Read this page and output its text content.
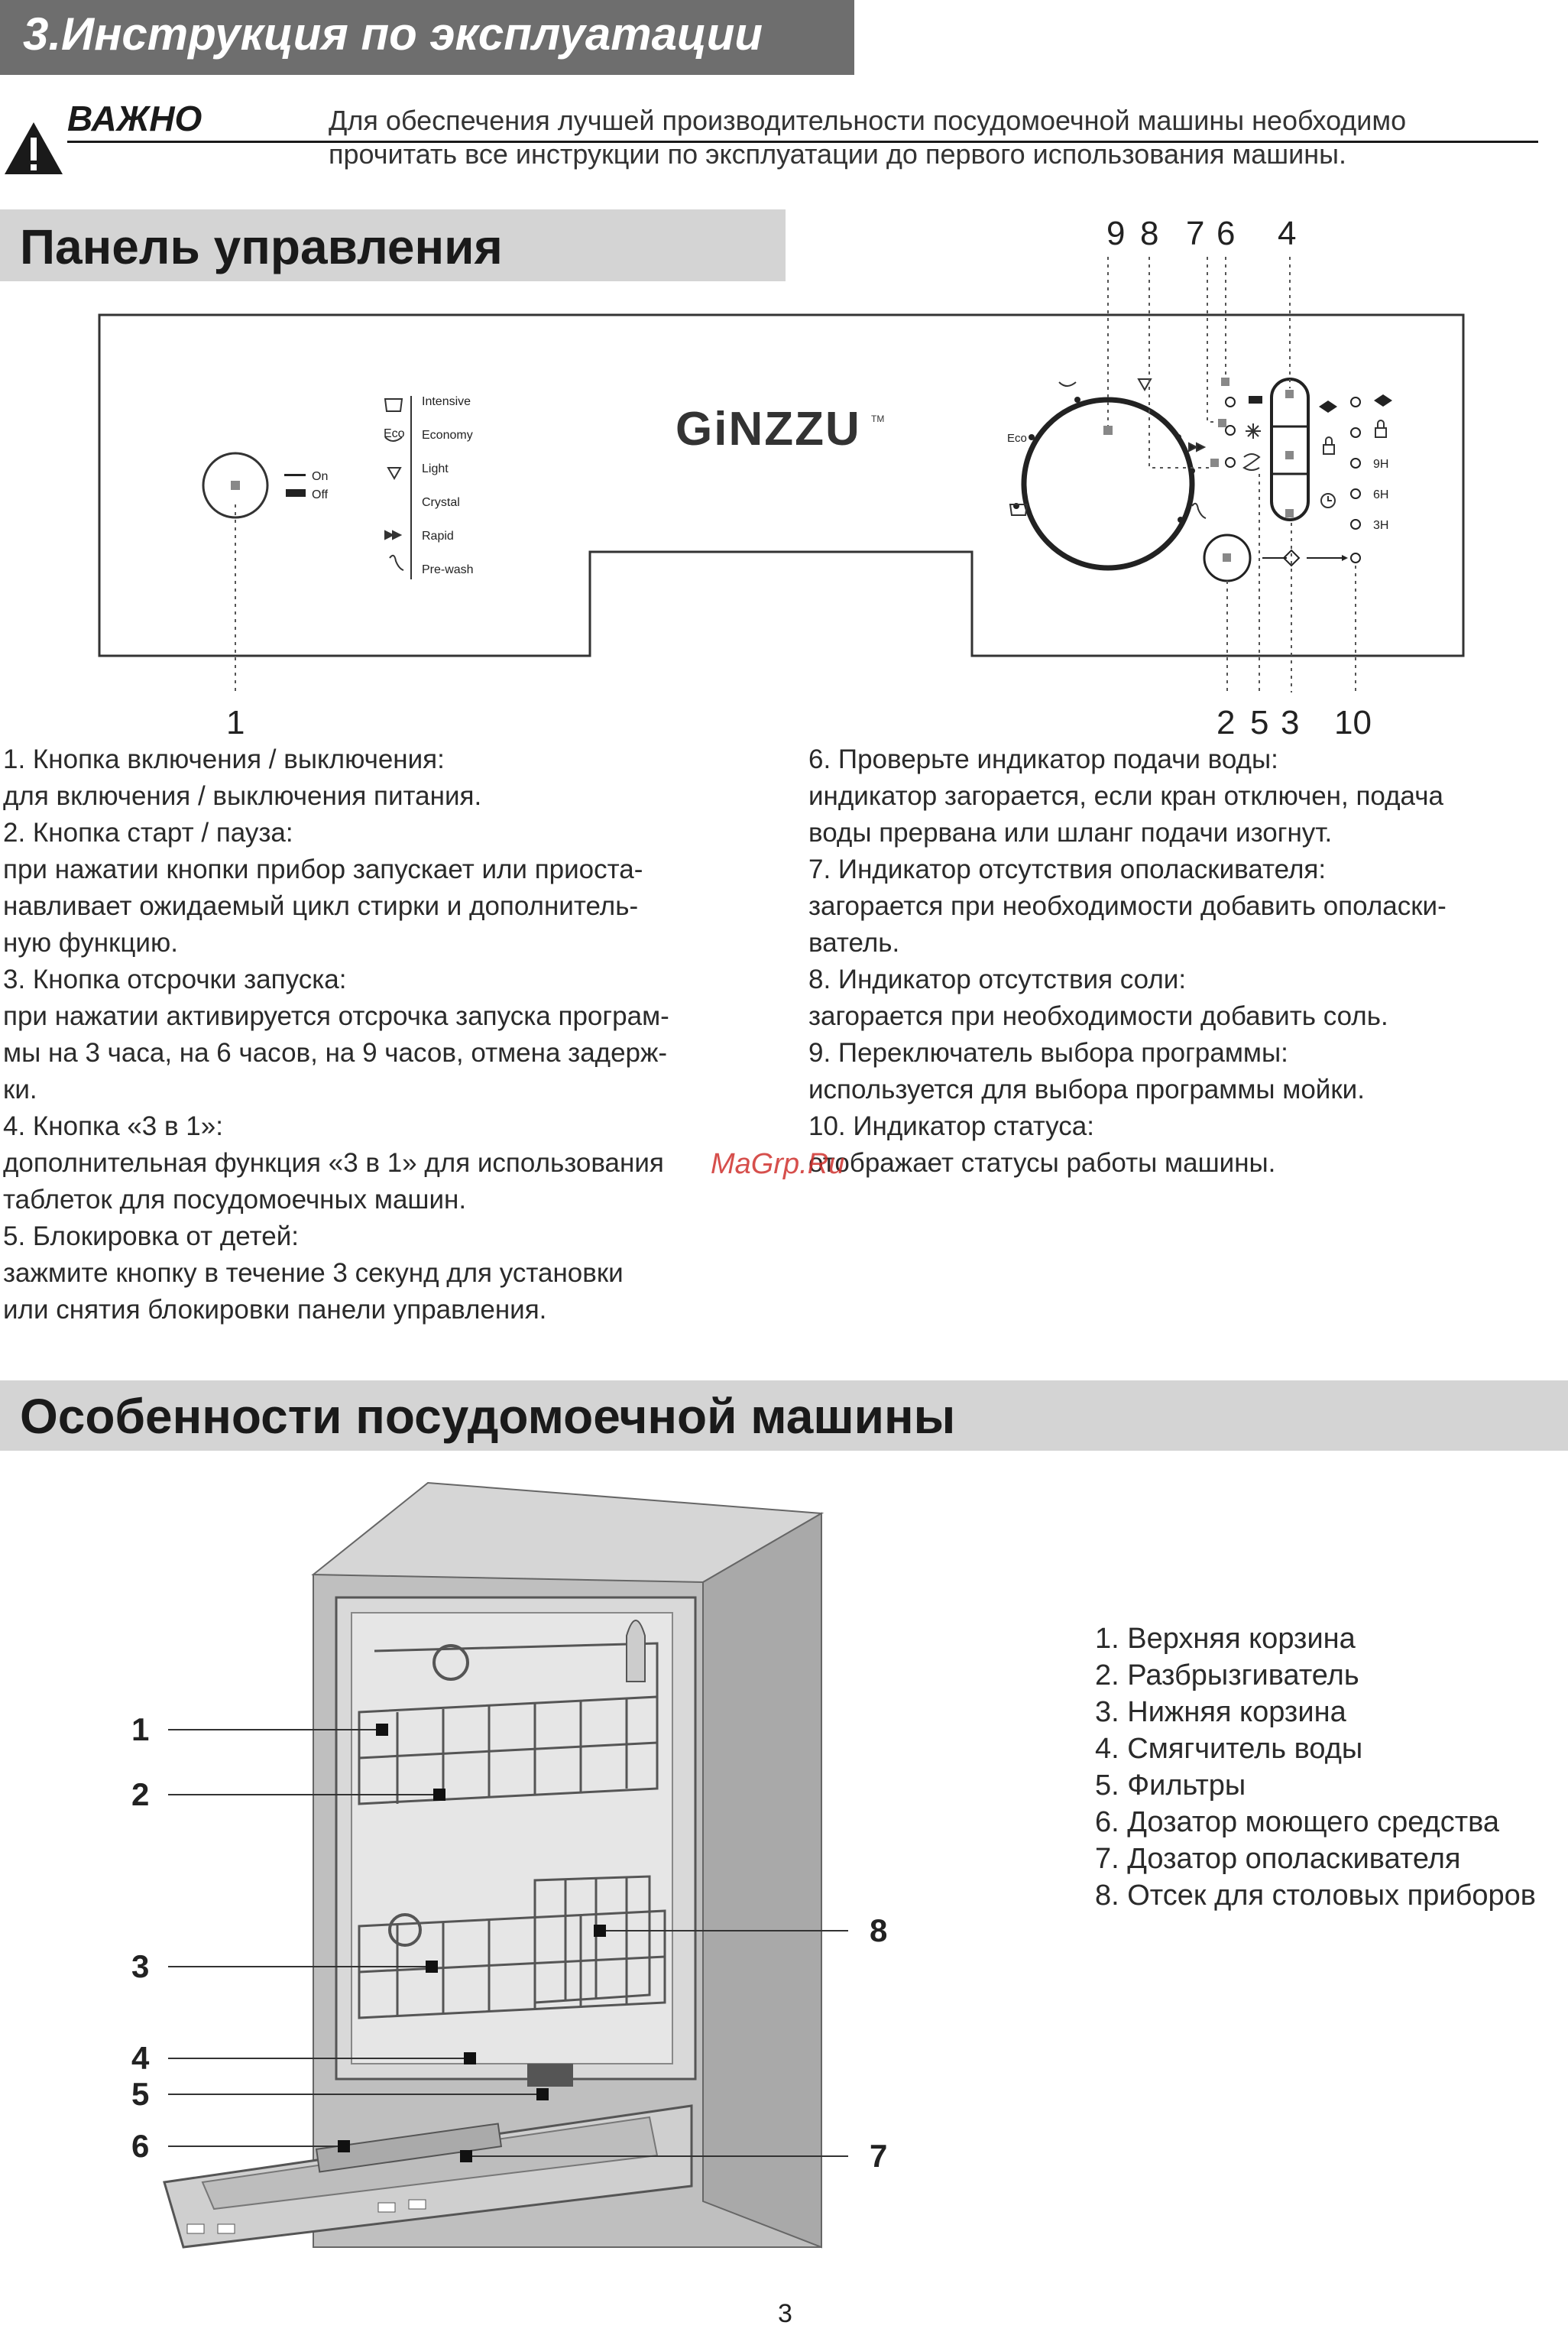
3.Инструкция по эксплуатации
ВАЖНО	Для обеспечения лучшей производительности посудомоечной машины необходимо
прочитать все инструкции по эксплуатации до первого использования машины.
Панель управления	9 8 7 6 4
On
Off
Eco
Intensive
Economy
Light
Crystal
Rapid
Pre-wash
GiNZZU TM
Eco
9H
6H
3H
1	2 5 3 10
1. Кнопка включения / выключения:
для включения / выключения питания.
2. Кнопка старт / пауза:
при нажатии кнопки прибор запускает или приоста-
навливает ожидаемый цикл стирки и дополнитель-
ную функцию.
3. Кнопка отсрочки запуска:
при нажатии активируется отсрочка запуска програм-
мы на 3 часа, на 6 часов, на 9 часов, отмена задерж-
ки.
4. Кнопка «3 в 1»:
дополнительная функция «3 в 1» для использования
таблеток для посудомоечных машин.
5. Блокировка от детей:
зажмите кнопку в течение 3 секунд для установки
или снятия блокировки панели управления.
6. Проверьте индикатор подачи воды:
индикатор загорается, если кран отключен, подача
воды прервана или шланг подачи изогнут.
7. Индикатор отсутствия ополаскивателя:
загорается при необходимости добавить ополаски-
ватель.
8. Индикатор отсутствия соли:
загорается при необходимости добавить соль.
9. Переключатель выбора программы:
используется для выбора программы мойки.
10. Индикатор статуса:
отображает статусы работы машины.
MaGrp.Ru
Особенности посудомоечной машины
1
2
3
4
5
6
8
7
1. Верхняя корзина
2. Разбрызгиватель
3. Нижняя корзина
4. Смягчитель воды
5. Фильтры
6. Дозатор моющего средства
7. Дозатор ополаскивателя
8. Отсек для столовых приборов
3
